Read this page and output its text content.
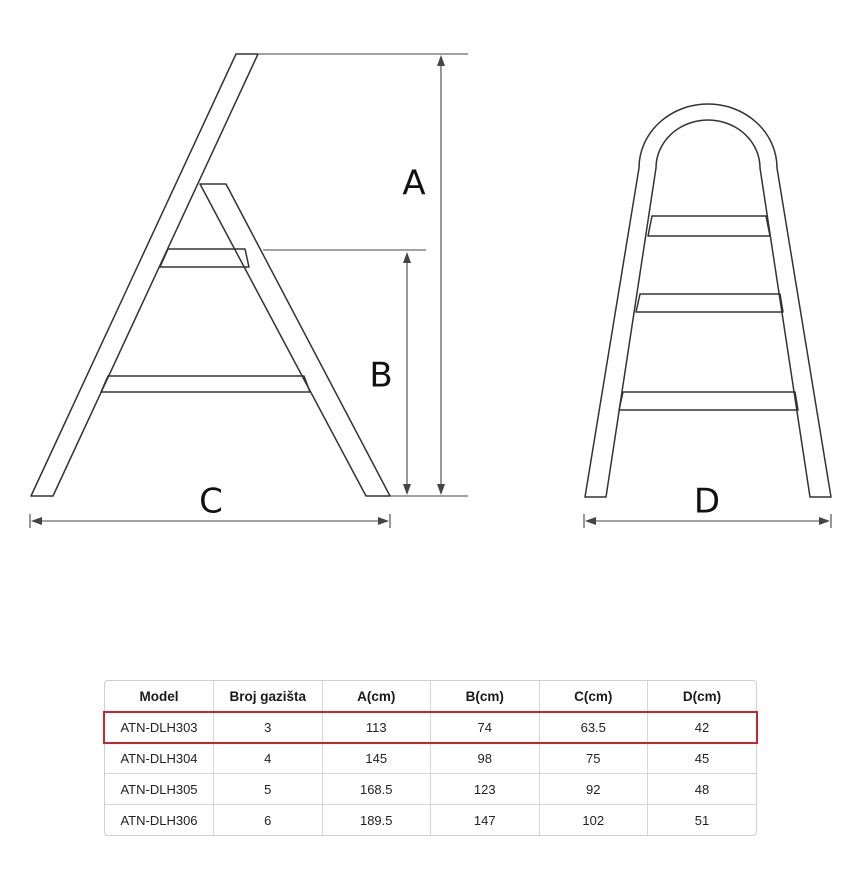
A
B
C	D
Model	Broj gazišta	A(cm)	B(cm)	C(cm)	D(cm)
ATN-DLH303	3	113	74	63.5	42
ATN-DLH304	4	145	98	75	45
ATN-DLH305	5	168.5	123	92	48
ATN-DLH306	6	189.5	147	102	51
